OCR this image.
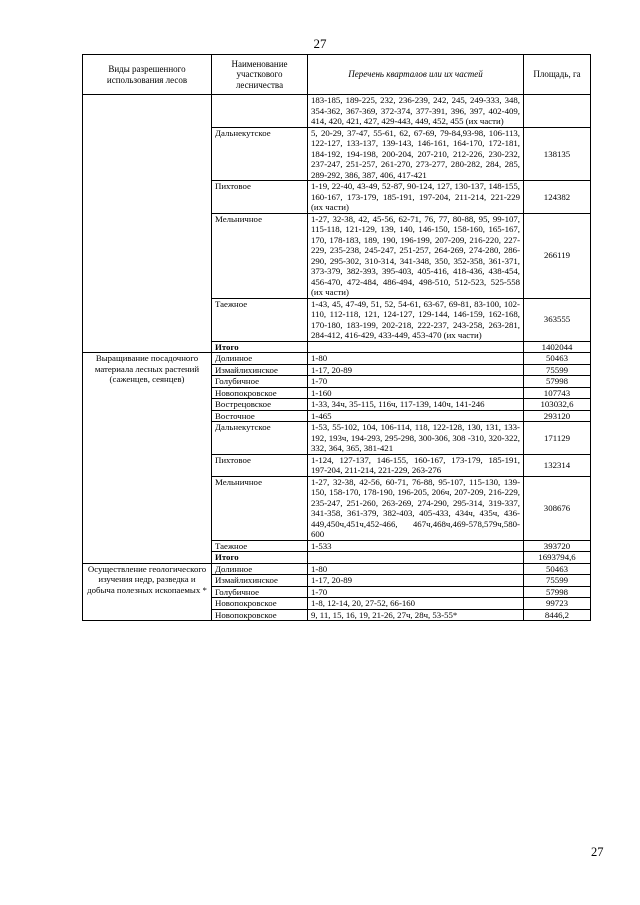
27
Виды разрешенного использования лесов	Наименование участкового лесничества	Перечень кварталов или их частей	Площадь, га
		183-185, 189-225, 232, 236-239, 242, 245, 249-333, 348, 354-362, 367-369, 372-374, 377-391, 396, 397, 402-409, 414, 420, 421, 427, 429-443, 449, 452, 455 (их части)	
	Дальнекутское	5, 20-29, 37-47, 55-61, 62, 67-69, 79-84,93-98, 106-113, 122-127, 133-137, 139-143, 146-161, 164-170, 172-181, 184-192, 194-198, 200-204, 207-210, 212-226, 230-232, 237-247, 251-257, 261-270, 273-277, 280-282, 284, 285, 289-292, 386, 387, 406, 417-421	138135
	Пихтовое	1-19, 22-40, 43-49, 52-87, 90-124, 127, 130-137, 148-155, 160-167, 173-179, 185-191, 197-204, 211-214, 221-229 (их части)	124382
	Мельничное	1-27, 32-38, 42, 45-56, 62-71, 76, 77, 80-88, 95, 99-107, 115-118, 121-129, 139, 140, 146-150, 158-160, 165-167, 170, 178-183, 189, 190, 196-199, 207-209, 216-220, 227-229, 235-238, 245-247, 251-257, 264-269, 274-280, 286-290, 295-302, 310-314, 341-348, 350, 352-358, 361-371, 373-379, 382-393, 395-403, 405-416, 418-436, 438-454, 456-470, 472-484, 486-494, 498-510, 512-523, 525-558 (их части)	266119
	Таежное	1-43, 45, 47-49, 51, 52, 54-61, 63-67, 69-81, 83-100, 102-110, 112-118, 121, 124-127, 129-144, 146-159, 162-168, 170-180, 183-199, 202-218, 222-237, 243-258, 263-281, 284-412, 416-429, 433-449, 453-470 (их части)	363555
	Итого		1402044
Выращивание посадочного материала лесных растений (саженцев, сеянцев)	Долинное	1-80	50463
	Измайлихинское	1-17, 20-89	75599
	Голубичное	1-70	57998
	Новопокровское	1-160	107743
	Вострецовское	1-33, 34ч, 35-115, 116ч, 117-139, 140ч, 141-246	103032,6
	Восточное	1-465	293120
	Дальнекутское	1-53, 55-102, 104, 106-114, 118, 122-128, 130, 131, 133-192, 193ч, 194-293, 295-298, 300-306, 308 -310, 320-322, 332, 364, 365, 381-421	171129
	Пихтовое	1-124, 127-137, 146-155, 160-167, 173-179, 185-191, 197-204, 211-214, 221-229, 263-276	132314
	Мельничное	1-27, 32-38, 42-56, 60-71, 76-88, 95-107, 115-130, 139-150, 158-170, 178-190, 196-205, 206ч, 207-209, 216-229, 235-247, 251-260, 263-269, 274-290, 295-314, 319-337, 341-358, 361-379, 382-403, 405-433, 434ч, 435ч, 436-449,450ч,451ч,452-466, 467ч,468ч,469-578,579ч,580-600	308676
	Таежное	1-533	393720
	Итого		1693794,6
Осуществление геологического изучения недр, разведка и добыча полезных ископаемых *	Долинное	1-80	50463
	Измайлихинское	1-17, 20-89	75599
	Голубичное	1-70	57998
	Новопокровское	1-8, 12-14, 20, 27-52, 66-160	99723
	Новопокровское	9, 11, 15, 16, 19, 21-26, 27ч, 28ч, 53-55*	8446,2
27
